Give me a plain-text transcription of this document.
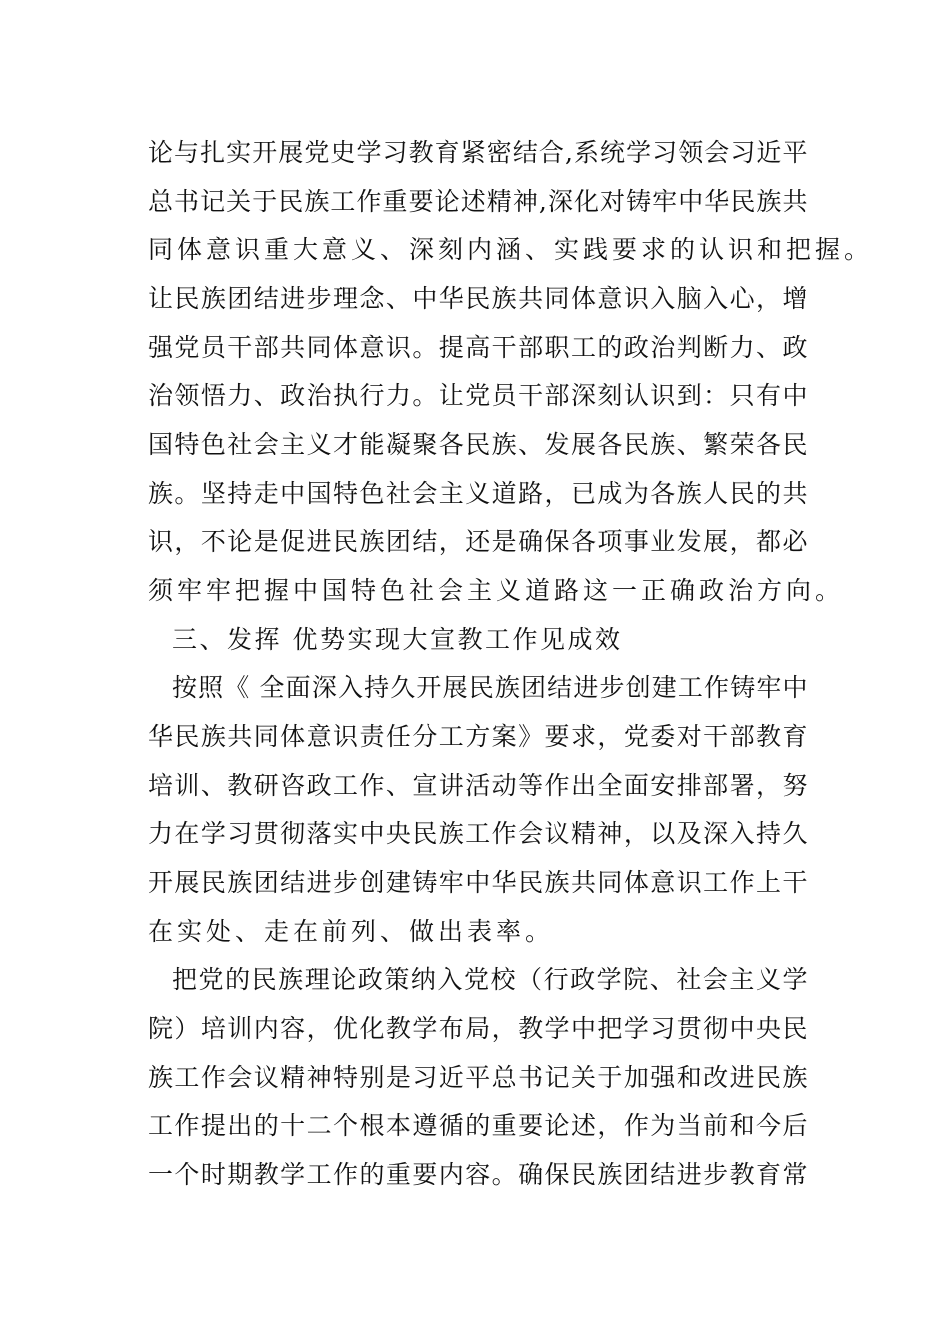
论与扎实开展党史学习教育紧密结合,系统学习领会习近平
总书记关于民族工作重要论述精神,深化对铸牢中华民族共
同体意识重大意义、深刻内涵、实践要求的认识和把握。
让民族团结进步理念、中华民族共同体意识入脑入心，增
强党员干部共同体意识。提高干部职工的政治判断力、政
治领悟力、政治执行力。让党员干部深刻认识到：只有中
国特色社会主义才能凝聚各民族、发展各民族、繁荣各民
族。坚持走中国特色社会主义道路，已成为各族人民的共
识，不论是促进民族团结，还是确保各项事业发展，都必
须牢牢把握中国特色社会主义道路这一正确政治方向。
三、发挥 优势实现大宣教工作见成效
按照《 全面深入持久开展民族团结进步创建工作铸牢中
华民族共同体意识责任分工方案》要求，党委对干部教育
培训、教研咨政工作、宣讲活动等作出全面安排部署，努
力在学习贯彻落实中央民族工作会议精神，以及深入持久
开展民族团结进步创建铸牢中华民族共同体意识工作上干
在实处、走在前列、做出表率。
把党的民族理论政策纳入党校（行政学院、社会主义学
院）培训内容，优化教学布局，教学中把学习贯彻中央民
族工作会议精神特别是习近平总书记关于加强和改进民族
工作提出的十二个根本遵循的重要论述，作为当前和今后
一个时期教学工作的重要内容。确保民族团结进步教育常
